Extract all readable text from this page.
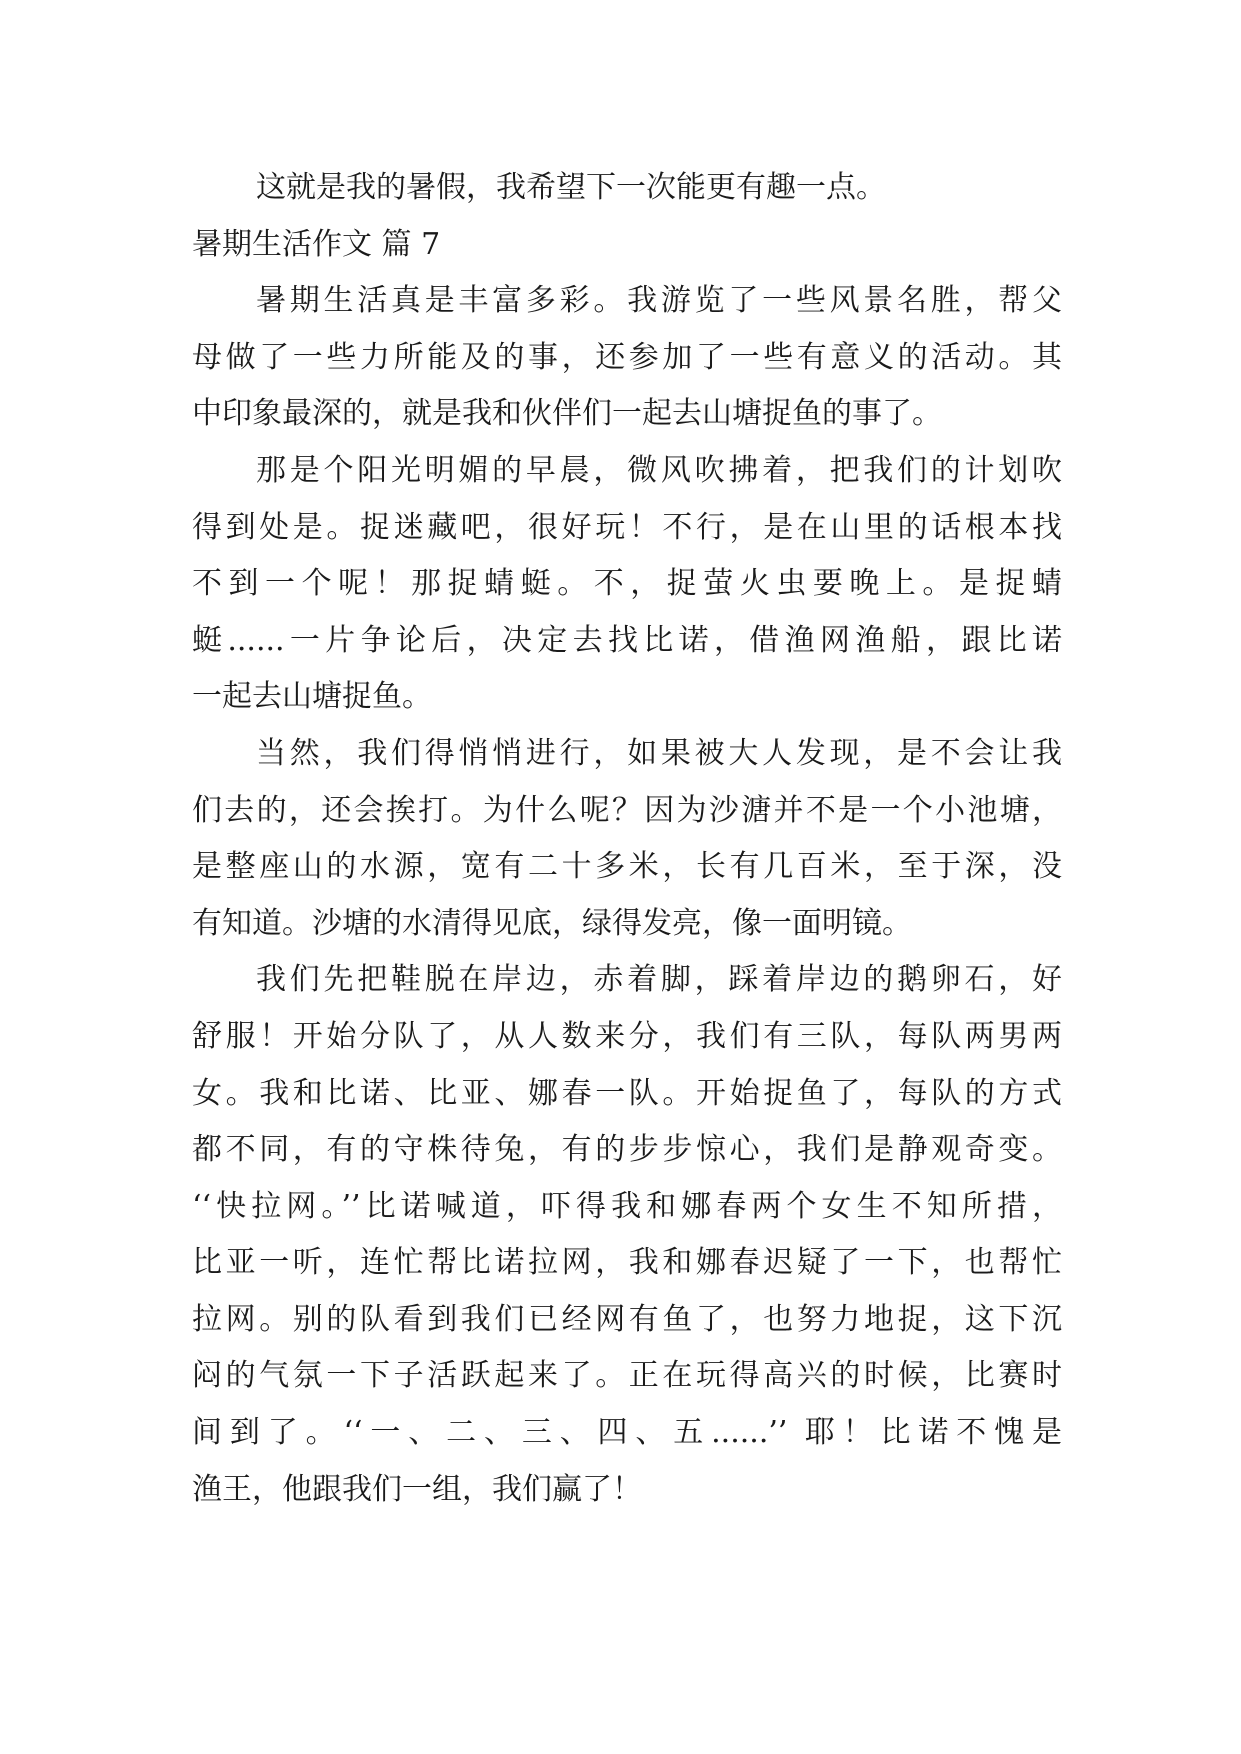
这就是我的暑假，我希望下一次能更有趣一点。
暑期生活作文 篇 7
暑期生活真是丰富多彩。我游览了一些风景名胜，帮父
母做了一些力所能及的事，还参加了一些有意义的活动。其
中印象最深的，就是我和伙伴们一起去山塘捉鱼的事了。
那是个阳光明媚的早晨，微风吹拂着，把我们的计划吹
得到处是。捉迷藏吧，很好玩！不行，是在山里的话根本找
不到一个呢！那捉蜻蜓。不，捉萤火虫要晚上。是捉蜻
蜓......一片争论后，决定去找比诺，借渔网渔船，跟比诺
一起去山塘捉鱼。
当然，我们得悄悄进行，如果被大人发现，是不会让我
们去的，还会挨打。为什么呢？因为沙溏并不是一个小池塘，
是整座山的水源，宽有二十多米，长有几百米，至于深，没
有知道。沙塘的水清得见底，绿得发亮，像一面明镜。
我们先把鞋脱在岸边，赤着脚，踩着岸边的鹅卵石，好
舒服！开始分队了，从人数来分，我们有三队，每队两男两
女。我和比诺、比亚、娜春一队。开始捉鱼了，每队的方式
都不同，有的守株待兔，有的步步惊心，我们是静观奇变。
‘‘快拉网。’’比诺喊道，吓得我和娜春两个女生不知所措，
比亚一听，连忙帮比诺拉网，我和娜春迟疑了一下，也帮忙
拉网。别的队看到我们已经网有鱼了，也努力地捉，这下沉
闷的气氛一下子活跃起来了。正在玩得高兴的时候，比赛时
间到了。‘‘一、二、三、四、五......’’ 耶！比诺不愧是
渔王，他跟我们一组，我们赢了！
